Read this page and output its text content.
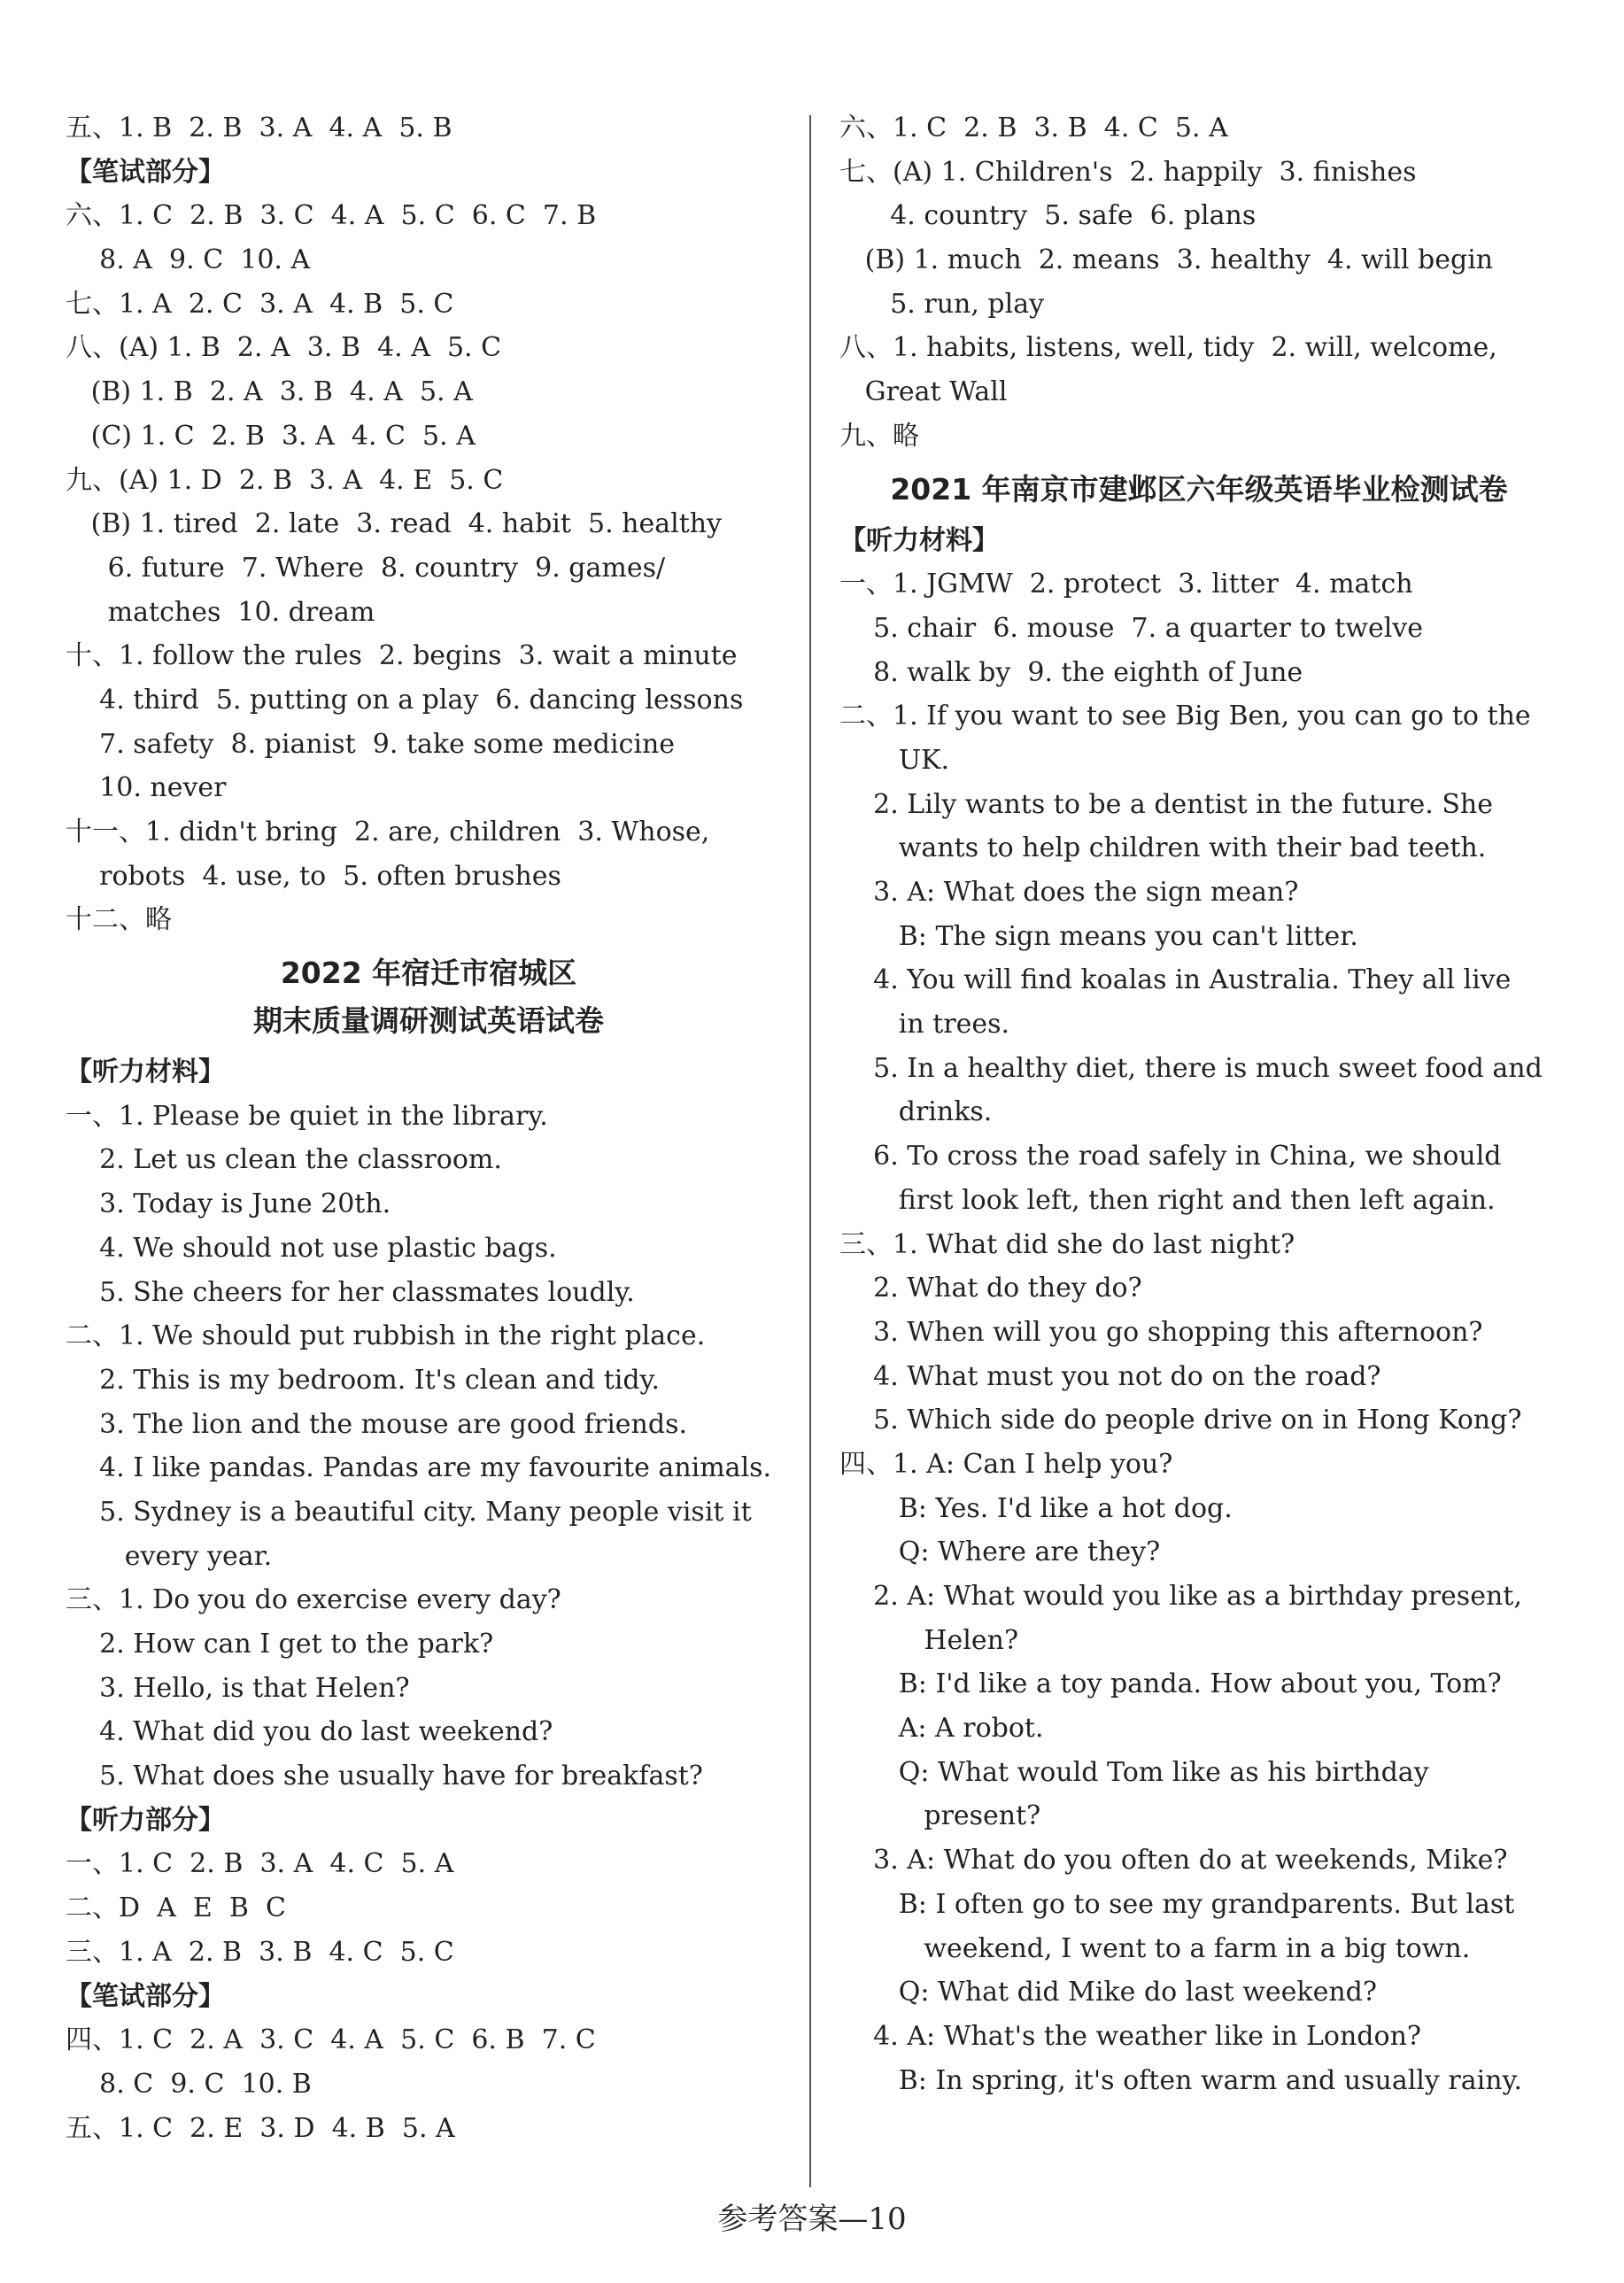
五、1. B  2. B  3. A  4. A  5. B
【笔试部分】
六、1. C  2. B  3. C  4. A  5. C  6. C  7. B
8. A  9. C  10. A
七、1. A  2. C  3. A  4. B  5. C
八、(A) 1. B  2. A  3. B  4. A  5. C
(B) 1. B  2. A  3. B  4. A  5. A
(C) 1. C  2. B  3. A  4. C  5. A
九、(A) 1. D  2. B  3. A  4. E  5. C
(B) 1. tired  2. late  3. read  4. habit  5. healthy
6. future  7. Where  8. country  9. games/
matches  10. dream
十、1. follow the rules  2. begins  3. wait a minute
4. third  5. putting on a play  6. dancing lessons
7. safety  8. pianist  9. take some medicine
10. never
十一、1. didn't bring  2. are, children  3. Whose,
robots  4. use, to  5. often brushes
十二、略
2022 年宿迁市宿城区
期末质量调研测试英语试卷
【听力材料】
一、1. Please be quiet in the library.
2. Let us clean the classroom.
3. Today is June 20th.
4. We should not use plastic bags.
5. She cheers for her classmates loudly.
二、1. We should put rubbish in the right place.
2. This is my bedroom. It's clean and tidy.
3. The lion and the mouse are good friends.
4. I like pandas. Pandas are my favourite animals.
5. Sydney is a beautiful city. Many people visit it
every year.
三、1. Do you do exercise every day?
2. How can I get to the park?
3. Hello, is that Helen?
4. What did you do last weekend?
5. What does she usually have for breakfast?
【听力部分】
一、1. C  2. B  3. A  4. C  5. A
二、D  A  E  B  C
三、1. A  2. B  3. B  4. C  5. C
【笔试部分】
四、1. C  2. A  3. C  4. A  5. C  6. B  7. C
8. C  9. C  10. B
五、1. C  2. E  3. D  4. B  5. A
六、1. C  2. B  3. B  4. C  5. A
七、(A) 1. Children's  2. happily  3. finishes
4. country  5. safe  6. plans
(B) 1. much  2. means  3. healthy  4. will begin
5. run, play
八、1. habits, listens, well, tidy  2. will, welcome,
Great Wall
九、略
2021 年南京市建邺区六年级英语毕业检测试卷
【听力材料】
一、1. JGMW  2. protect  3. litter  4. match
5. chair  6. mouse  7. a quarter to twelve
8. walk by  9. the eighth of June
二、1. If you want to see Big Ben, you can go to the
UK.
2. Lily wants to be a dentist in the future. She
wants to help children with their bad teeth.
3. A: What does the sign mean?
B: The sign means you can't litter.
4. You will find koalas in Australia. They all live
in trees.
5. In a healthy diet, there is much sweet food and
drinks.
6. To cross the road safely in China, we should
first look left, then right and then left again.
三、1. What did she do last night?
2. What do they do?
3. When will you go shopping this afternoon?
4. What must you not do on the road?
5. Which side do people drive on in Hong Kong?
四、1. A: Can I help you?
B: Yes. I'd like a hot dog.
Q: Where are they?
2. A: What would you like as a birthday present,
Helen?
B: I'd like a toy panda. How about you, Tom?
A: A robot.
Q: What would Tom like as his birthday
present?
3. A: What do you often do at weekends, Mike?
B: I often go to see my grandparents. But last
weekend, I went to a farm in a big town.
Q: What did Mike do last weekend?
4. A: What's the weather like in London?
B: In spring, it's often warm and usually rainy.
参考答案—10
